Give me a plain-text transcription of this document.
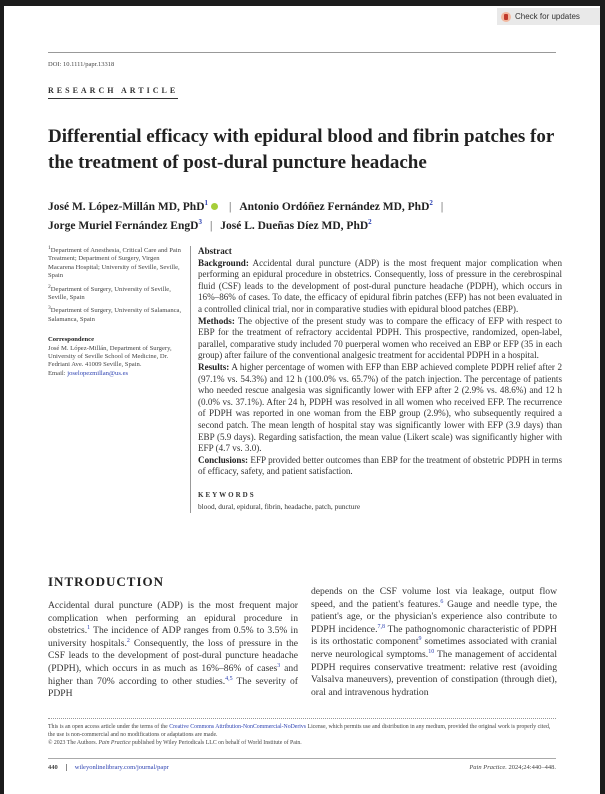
Check for updates
DOI: 10.1111/papr.13318
RESEARCH ARTICLE
Differential efficacy with epidural blood and fibrin patches for the treatment of post-dural puncture headache
José M. López-Millán MD, PhD$^1$ | Antonio Ordóñez Fernández MD, PhD$^2$ |
Jorge Muriel Fernández EngD$^3$ | José L. Dueñas Díez MD, PhD$^2$

$^1$Department of Anesthesia, Critical Care and Pain Treatment; Department of Surgery, Virgen Macarena Hospital; University of Seville, Seville, Spain

$^2$Department of Surgery, University of Seville, Seville, Spain

$^3$Department of Surgery, University of Salamanca, Salamanca, Spain

Correspondence
José M. López-Millán, Department of Surgery, University of Seville School of Medicine, Dr. Fedriani Ave. 41009 Seville, Spain.
Email: joselopezmillan@us.es

Abstract

Background: Accidental dural puncture (ADP) is the most frequent major complication when performing an epidural procedure in obstetrics. Consequently, loss of pressure in the cerebrospinal fluid (CSF) leads to the development of post-dural puncture headache (PDPH), which occurs in 16%–86% of cases. To date, the efficacy of epidural fibrin patches (EFP) has not been evaluated in a controlled clinical trial, nor in comparative studies with epidural blood patches (EBP).

Methods: The objective of the present study was to compare the efficacy of EFP with respect to EBP for the treatment of refractory accidental PDPH. This prospective, randomized, open-label, parallel, comparative study included 70 puerperal women who received an EBP or EFP (35 in each group) after failure of the conventional analgesic treatment for accidental PDPH in a hospital.

Results: A higher percentage of women with EFP than EBP achieved complete PDPH relief after 2 (97.1% vs. 54.3%) and 12 h (100.0% vs. 65.7%) of the patch injection. The percentage of patients who needed rescue analgesia was significantly lower with EFP after 2 (2.9% vs. 48.6%) and 12 h (0.0% vs. 37.1%). After 24 h, PDPH was resolved in all women who received EFP. The recurrence of PDPH was reported in one woman from the EBP group (2.9%), who subsequently required a second patch. The mean length of hospital stay was significantly lower with EFP (3.9 days) than EBP (5.9 days). Regarding satisfaction, the mean value (Likert scale) was significantly higher with EFP (4.7 vs. 3.0).

Conclusions: EFP provided better outcomes than EBP for the treatment of obstetric PDPH in terms of efficacy, safety, and patient satisfaction.

KEYWORDS
blood, dural, epidural, fibrin, headache, patch, puncture
INTRODUCTION
Accidental dural puncture (ADP) is the most frequent major complication when performing an epidural procedure in obstetrics.$^1$ The incidence of ADP ranges from 0.5% to 3.5% in university hospitals.$^2$ Consequently, the loss of pressure in the CSF leads to the development of post-dural puncture headache (PDPH), which occurs in as much as 16%–86% of cases$^3$ and higher than 70% according to other studies.$^{4,5}$ The severity of PDPH
depends on the CSF volume lost via leakage, output flow speed, and the patient's features.$^6$ Gauge and needle type, the patient's age, or the physician's experience also contribute to PDPH incidence.$^{7,8}$ The pathognomonic characteristic of PDPH is its orthostatic component$^9$ sometimes associated with cranial nerve neurological symptoms.$^{10}$ The management of accidental PDPH requires conservative treatment: relative rest (avoiding Valsalva maneuvers), prevention of constipation (through diet), oral and intravenous hydration
This is an open access article under the terms of the Creative Commons Attribution-NonCommercial-NoDerivs License, which permits use and distribution in any medium, provided the original work is properly cited, the use is non-commercial and no modifications or adaptations are made.
© 2023 The Authors. Pain Practice published by Wiley Periodicals LLC on behalf of World Institute of Pain.
440	wileyonlinelibrary.com/journal/papr	Pain Practice. 2024;24:440–448.
